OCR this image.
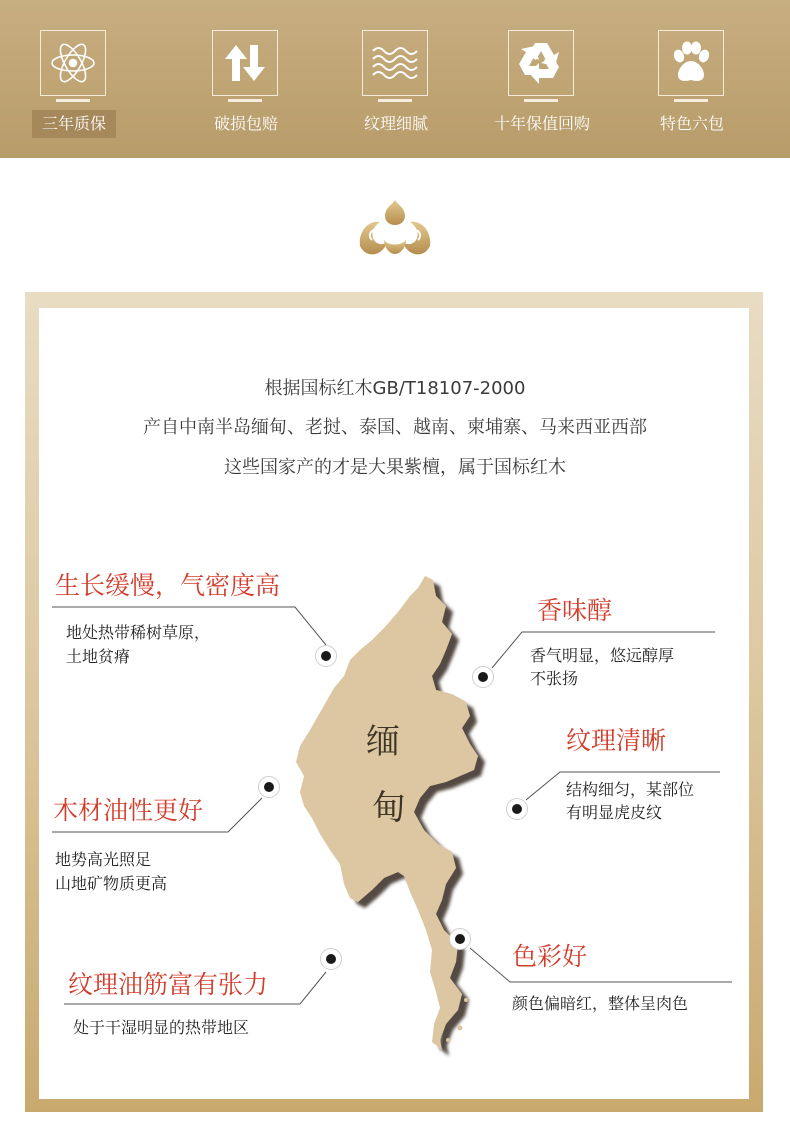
三年质保	破损包赔	纹理细腻	十年保值回购	特色六包
根据国标红木GB/T18107-2000
产自中南半岛缅甸、老挝、泰国、越南、柬埔寨、马来西亚西部
这些国家产的才是大果紫檀，属于国标红木
缅
甸
生长缓慢，气密度高
地处热带稀树草原，
土地贫瘠
香味醇
香气明显，悠远醇厚
不张扬
纹理清晰
结构细匀，某部位
有明显虎皮纹
木材油性更好
地势高光照足
山地矿物质更高
纹理油筋富有张力
处于干湿明显的热带地区
色彩好
颜色偏暗红，整体呈肉色
